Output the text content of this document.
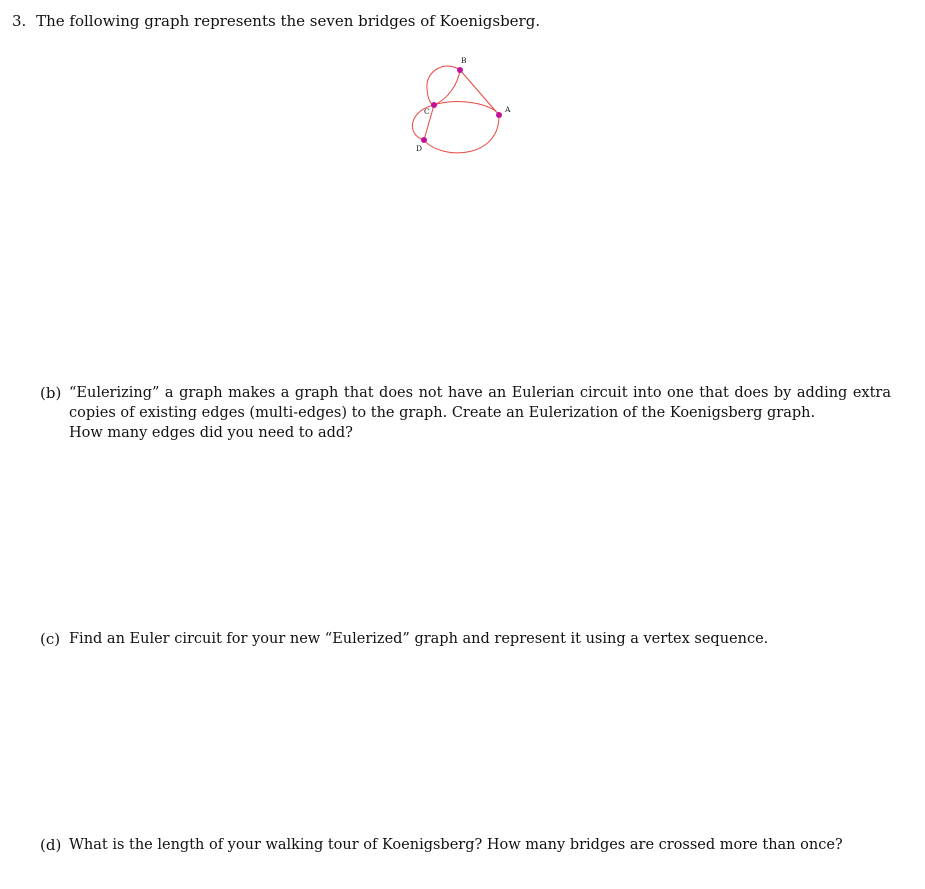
3. The following graph represents the seven bridges of Koenigsberg.
B
A
C
D
(b) “Eulerizing” a graph makes a graph that does not have an Eulerian circuit into one that does by adding extra
copies of existing edges (multi-edges) to the graph. Create an Eulerization of the Koenigsberg graph.
How many edges did you need to add?
(c) Find an Euler circuit for your new “Eulerized” graph and represent it using a vertex sequence.
(d) What is the length of your walking tour of Koenigsberg? How many bridges are crossed more than once?
